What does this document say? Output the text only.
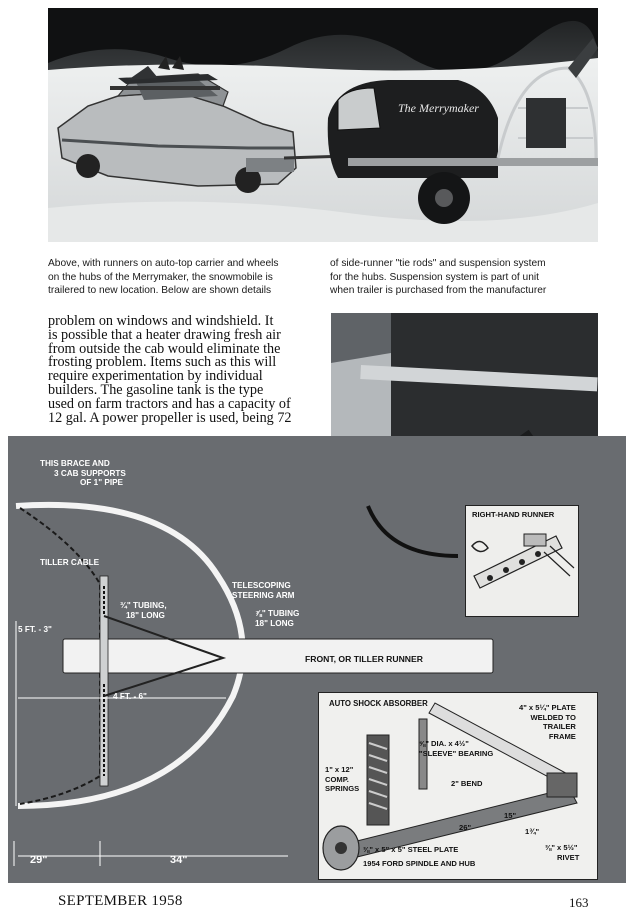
The Merrymaker
Above, with runners on auto-top carrier and wheels
on the hubs of the Merrymaker, the snowmobile is
trailered to new location. Below are shown details
of side-runner "tie rods" and suspension system
for the hubs. Suspension system is part of unit
when trailer is purchased from the manufacturer
problem on windows and windshield. It
is possible that a heater drawing fresh air
from outside the cab would eliminate the
frosting problem. Items such as this will
require experimentation by individual
builders. The gasoline tank is the type
used on farm tractors and has a capacity of
12 gal. A power propeller is used, being 72
THIS BRACE AND
3 CAB SUPPORTS
OF 1" PIPE
TILLER CABLE
TELESCOPING
STEERING ARM
¾" TUBING,
18" LONG	⅞" TUBING
18" LONG
5 FT. - 3"
FRONT, OR TILLER RUNNER
4 FT. - 6"
29"	34"
RIGHT-HAND RUNNER
AUTO SHOCK ABSORBER	4" x 5¼" PLATE
WELDED TO
TRAILER
FRAME
⅝" DIA. x 4½"
"SLEEVE" BEARING
1" x 12"
COMP.
SPRINGS
2" BEND
15"
26"	1¾"
⅜" x 5½"
RIVET
⅜" x 5" x 5" STEEL PLATE
1954 FORD SPINDLE AND HUB
SEPTEMBER 1958	163
